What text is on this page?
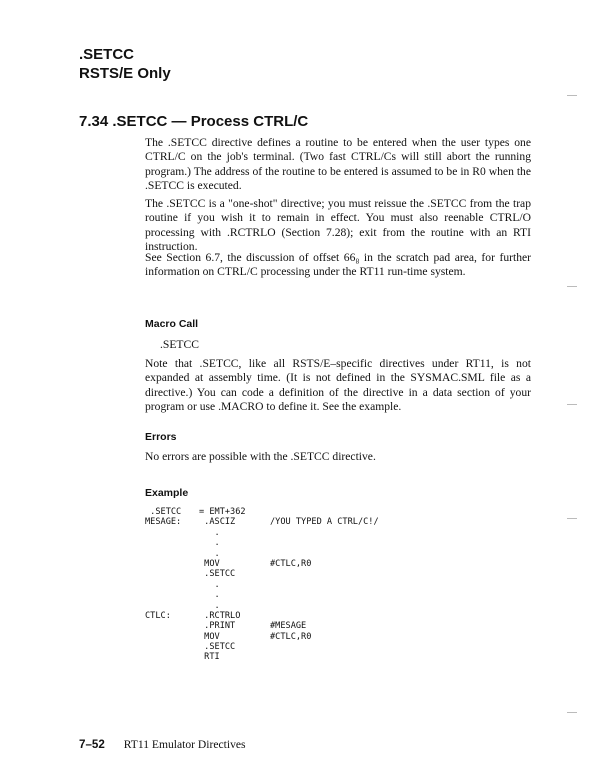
.SETCC
RSTS/E Only
7.34 .SETCC — Process CTRL/C

The .SETCC directive defines a routine to be entered when the user types one CTRL/C on the job's terminal. (Two fast CTRL/Cs will still abort the running program.) The address of the routine to be entered is assumed to be in R0 when the .SETCC is executed.

The .SETCC is a "one-shot" directive; you must reissue the .SETCC from the trap routine if you wish it to remain in effect. You must also reenable CTRL/O processing with .RCTRLO (Section 7.28); exit from the routine with an RTI instruction.

See Section 6.7, the discussion of offset 66₈ in the scratch pad area, for further information on CTRL/C processing under the RT11 run-time system.

Macro Call
.SETCC

Note that .SETCC, like all RSTS/E–specific directives under RT11, is not expanded at assembly time. (It is not defined in the SYSMAC.SML file as a directive.) You can code a definition of the directive in a data section of your program or use .MACRO to define it. See the example.

Errors

No errors are possible with the .SETCC directive.

Example
.SETCC	= EMT+362
MESAGE:	.ASCIZ	/YOU TYPED A CTRL/C!/
.
.
.
MOV	#CTLC,R0
.SETCC
.
.
.
CTLC:	.RCTRLO
.PRINT	#MESAGE
MOV	#CTLC,R0
.SETCC
RTI
7–52 RT11 Emulator Directives
